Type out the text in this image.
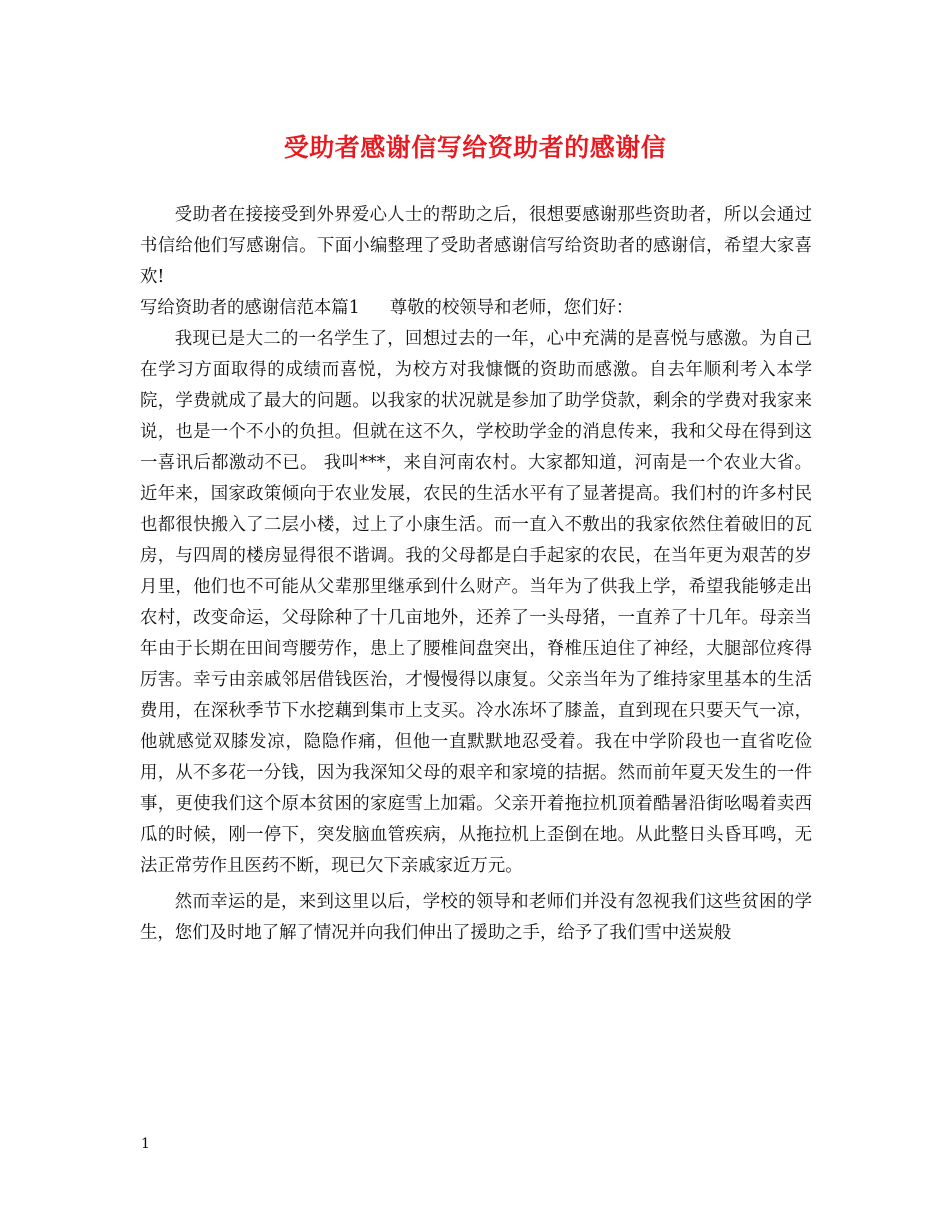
受助者感谢信写给资助者的感谢信

受助者在接接受到外界爱心人士的帮助之后，很想要感谢那些资助者，所以会通过书信给他们写感谢信。下面小编整理了受助者感谢信写给资助者的感谢信，希望大家喜欢!

写给资助者的感谢信范本篇1 尊敬的校领导和老师，您们好：

我现已是大二的一名学生了，回想过去的一年，心中充满的是喜悦与感激。为自己在学习方面取得的成绩而喜悦，为校方对我慷慨的资助而感激。自去年顺利考入本学院，学费就成了最大的问题。以我家的状况就是参加了助学贷款，剩余的学费对我家来说，也是一个不小的负担。但就在这不久，学校助学金的消息传来，我和父母在得到这一喜讯后都激动不已。 我叫***，来自河南农村。大家都知道，河南是一个农业大省。近年来，国家政策倾向于农业发展，农民的生活水平有了显著提高。我们村的许多村民也都很快搬入了二层小楼，过上了小康生活。而一直入不敷出的我家依然住着破旧的瓦房，与四周的楼房显得很不谐调。我的父母都是白手起家的农民，在当年更为艰苦的岁月里，他们也不可能从父辈那里继承到什么财产。当年为了供我上学，希望我能够走出农村，改变命运，父母除种了十几亩地外，还养了一头母猪，一直养了十几年。母亲当年由于长期在田间弯腰劳作，患上了腰椎间盘突出，脊椎压迫住了神经，大腿部位疼得厉害。幸亏由亲戚邻居借钱医治，才慢慢得以康复。父亲当年为了维持家里基本的生活费用，在深秋季节下水挖藕到集市上支买。冷水冻坏了膝盖，直到现在只要天气一凉，他就感觉双膝发凉，隐隐作痛，但他一直默默地忍受着。我在中学阶段也一直省吃俭用，从不多花一分钱，因为我深知父母的艰辛和家境的拮据。然而前年夏天发生的一件事，更使我们这个原本贫困的家庭雪上加霜。父亲开着拖拉机顶着酷暑沿街吆喝着卖西瓜的时候，刚一停下，突发脑血管疾病，从拖拉机上歪倒在地。从此整日头昏耳鸣，无法正常劳作且医药不断，现已欠下亲戚家近万元。

然而幸运的是，来到这里以后，学校的领导和老师们并没有忽视我们这些贫困的学生，您们及时地了解了情况并向我们伸出了援助之手，给予了我们雪中送炭般

1
